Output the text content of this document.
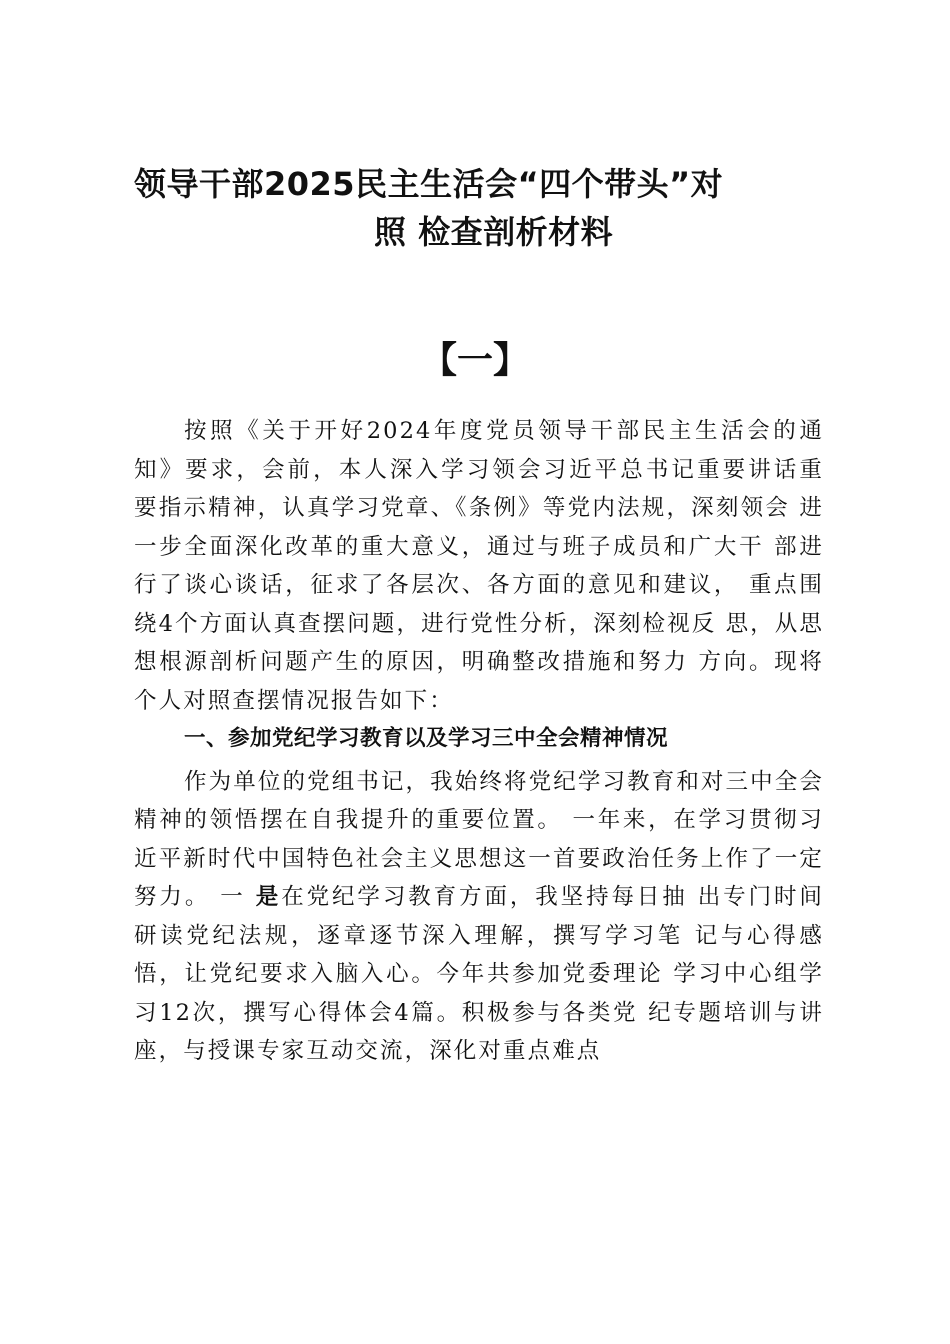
领导干部2025民主生活会“四个带头”对
照 检查剖析材料
【一】

按照《关于开好2024年度党员领导干部民主生活会的通 知》要求，会前，本人深入学习领会习近平总书记重要讲话重 要指示精神，认真学习党章、《条例》等党内法规，深刻领会 进一步全面深化改革的重大意义，通过与班子成员和广大干 部进行了谈心谈话，征求了各层次、各方面的意见和建议， 重点围绕4个方面认真查摆问题，进行党性分析，深刻检视反 思，从思想根源剖析问题产生的原因，明确整改措施和努力 方向。现将个人对照查摆情况报告如下：

一、参加党纪学习教育以及学习三中全会精神情况

作为单位的党组书记，我始终将党纪学习教育和对三中全会精神的领悟摆在自我提升的重要位置。 一年来，在学习贯彻习近平新时代中国特色社会主义思想这一首要政治任务上作了一定努力。 一 是在党纪学习教育方面，我坚持每日抽 出专门时间研读党纪法规，逐章逐节深入理解，撰写学习笔 记与心得感悟，让党纪要求入脑入心。今年共参加党委理论 学习中心组学习12次，撰写心得体会4篇。积极参与各类党 纪专题培训与讲座，与授课专家互动交流，深化对重点难点
